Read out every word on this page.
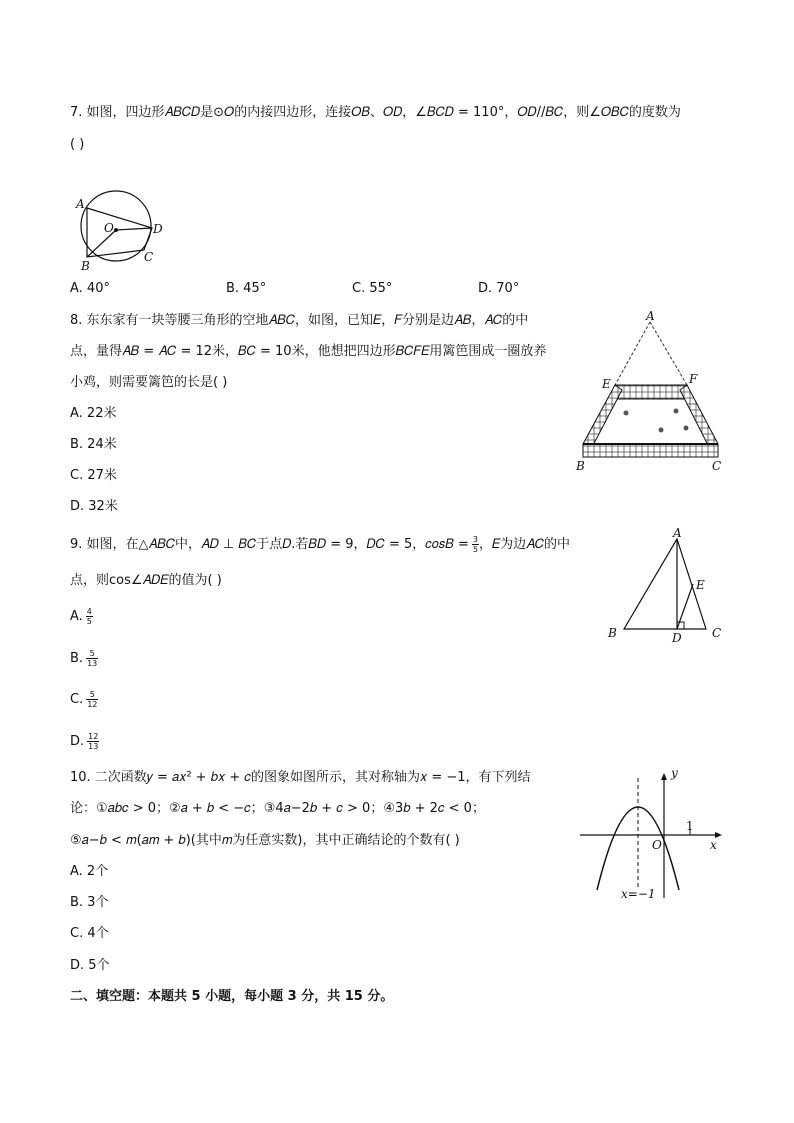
7. 如图，四边形𝐴𝐵𝐶𝐷是⊙𝑂的内接四边形，连接𝑂𝐵、𝑂𝐷，∠𝐵𝐶𝐷 = 110°，𝑂𝐷//𝐵𝐶，则∠𝑂𝐵𝐶的度数为
( )
A
O	D
C
B
A. 40°	B. 45°	C. 55°	D. 70°
8. 东东家有一块等腰三角形的空地𝐴𝐵𝐶，如图，已知𝐸，𝐹分别是边𝐴𝐵，𝐴𝐶的中
点，量得𝐴𝐵 = 𝐴𝐶 = 12米，𝐵𝐶 = 10米，他想把四边形𝐵𝐶𝐹𝐸用篱笆围成一圈放养
小鸡，则需要篱笆的长是( )
A. 22米
B. 24米
C. 27米
D. 32米
A
E	F
B	C
9. 如图，在△𝐴𝐵𝐶中，𝐴𝐷 ⊥ 𝐵𝐶于点𝐷.若𝐵𝐷 = 9，𝐷𝐶 = 5，𝑐𝑜𝑠𝐵 = $\frac{3}{5}$ ，𝐸为边𝐴𝐶的中
点，则cos∠𝐴𝐷𝐸的值为( )
A. $\frac{4}{5}$
B. $\frac{5}{13}$
C. $\frac{5}{12}$
D. $\frac{12}{13}$
A
E
B	D	C
10. 二次函数𝑦 = 𝑎𝑥² + 𝑏𝑥 + 𝑐的图象如图所示，其对称轴为𝑥 = −1，有下列结
论：①𝑎𝑏𝑐 > 0；②𝑎 + 𝑏 < −𝑐；③4𝑎−2𝑏 + 𝑐 > 0；④3𝑏 + 2𝑐 < 0；
⑤𝑎−𝑏 < 𝑚(𝑎𝑚 + 𝑏)(其中𝑚为任意实数)，其中正确结论的个数有( )
A. 2个
B. 3个
C. 4个
D. 5个
y
x
O
1
x=−1
二、填空题：本题共 5 小题，每小题 3 分，共 15 分。
